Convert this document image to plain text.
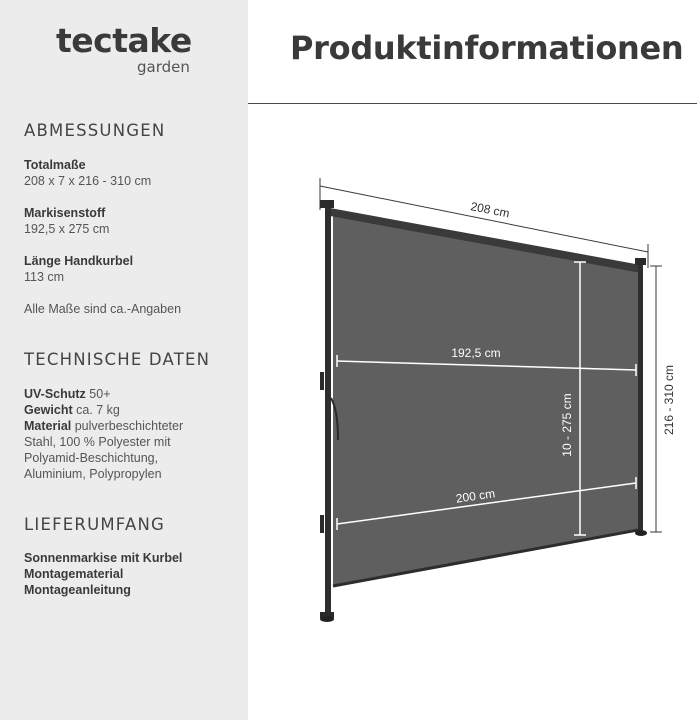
tectake
garden	Produktinformationen
ABMESSUNGEN
Totalmaße
208 x 7 x 216 - 310 cm
Markisenstoff
192,5 x 275 cm
Länge Handkurbel
113 cm
Alle Maße sind ca.-Angaben
TECHNISCHE DATEN
UV-Schutz 50+
Gewicht ca. 7 kg
Material pulverbeschichteter
Stahl, 100 % Polyester mit
Polyamid-Beschichtung,
Aluminium, Polypropylen
LIEFERUMFANG
Sonnenmarkise mit Kurbel
Montagematerial
Montageanleitung
208 cm
216 - 310 cm
192,5 cm
10 - 275 cm
200 cm
